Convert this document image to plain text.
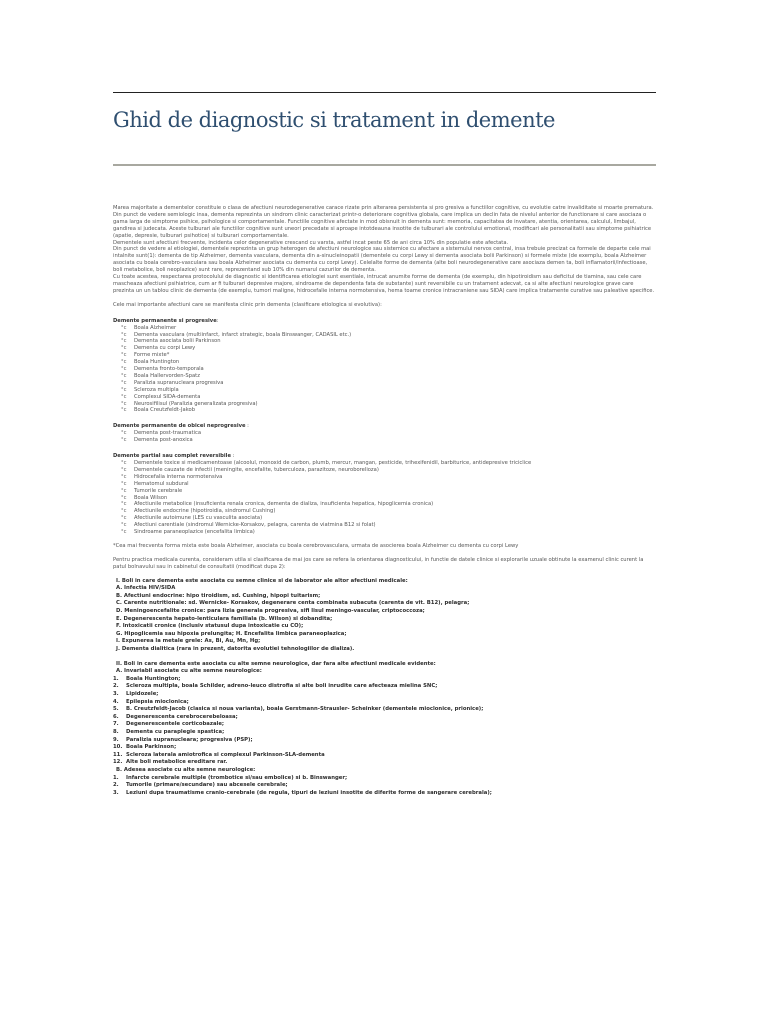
Ghid de diagnostic si tratament in demente
Marea majoritate a dementelor constituie o clasa de afectiuni neurodegenerative carace rizate prin alterarea persistenta si pro gresiva a functiilor cognitive, cu evolutie catre invaliditate si moarte prematura. Din punct de vedere semiologic insa, dementa reprezinta un sindrom clinic caracterizat printr-o deteriorare cognitiva globala, care implica un declin fata de nivelul anterior de functionare si care asociaza o gama larga de simptome psihice, psihologice si comportamentale. Functiile cognitive afectate in mod obisnuit in dementa sunt: memoria, capacitatea de invatare, atentia, orientarea, calculul, limbajul, gandirea si judecata. Aceste tulburari ale functiilor cognitive sunt uneori precedate si aproape intotdeauna insotite de tulburari ale controlului emotional, modificari ale personalitatii sau simptome psihiatrice (apatie, depresie, tulburari psihotice) si tulburari comportamentale.
Dementele sunt afectiuni frecvente, incidenta celor degenerative crescand cu varsta, astfel incat peste 65 de ani circa 10% din populatie este afectata.
Din punct de vedere al etiologiei, dementele reprezinta un grup heterogen de afectiuni neurologice sau sistemice cu afectare a sistemului nervos central, insa trebuie precizat ca formele de departe cele mai intalnite sunt(1): dementa de tip Alzheimer, dementa vasculara, dementa din a-sinucleinopatii (dementele cu corpi Lewy si dementa asociata bolii Parkinson) si formele mixte (de exemplu, boala Alzheimer asociata cu boala cerebro-vasculara sau boala Alzheimer asociata cu dementa cu corpi Lewy). Celelalte forme de dementa (alte boli neurodegenerative care asociaza demen ta, boli inflamatorii/infectioase, boli metabolice, boli neoplazice) sunt rare, reprezentand sub 10% din numarul cazurilor de dementa.
Cu toate acestea, respectarea protocolului de diagnostic si identificarea etiologiei sunt esentiale, intrucat anumite forme de dementa (de exemplu, din hipotiroidism sau deficitul de tiamina, sau cele care mascheaza afectiuni psihiatrice, cum ar fi tulburari depresive majore, sindroame de dependenta fata de substante) sunt reversibile cu un tratament adecvat, ca si alte afectiuni neurologice grave care prezinta un un tablou clinic de dementa (de exemplu, tumori maligne, hidrocefalie interna normotensiva, hema toame cronice intracraniene sau SIDA) care implica tratamente curative sau paleative specifice.
Cele mai importante afectiuni care se manifesta clinic prin dementa (clasificare etiologica si evolutiva):
Demente permanente si progresive:
°c Boala Alzheimer
°c Dementa vasculara (multiinfarct, infarct strategic, boala Binswanger, CADASIL etc.)
°c Dementa asociata bolii Parkinson
°c Dementa cu corpi Lewy
°c Forme mixte*
°c Boala Huntington
°c Dementa fronto-temporala
°c Boala Hallervorden-Spatz
°c Paralizia supranucleara progresiva
°c Scleroza multipla
°c Complexul SIDA-dementa
°c Neurosifilisul (Paralizia generalizata progresiva)
°c Boala Creutzfeldt-Jakob
Demente permanente de obicei neprogresive :
°c Dementa post-traumatica
°c Dementa post-anoxica
Demente partial sau complet reversibile :
°c Dementele toxice si medicamentoase (alcoolul, monoxid de carbon, plumb, mercur, mangan, pesticide, trihexifenidil, barbiturice, antidepresive triciclice
°c Dementele cauzate de infectii (meningite, encefalite, tuberculoza, parazitoze, neuroborelioza)
°c Hidrocefalia interna normotensiva
°c Hematomul subdural
°c Tumorile cerebrale
°c Boala Wilson
°c Afectiunile metabolice (insuficienta renala cronica, dementa de dializa, insuficienta hepatica, hipoglicemia cronica)
°c Afectiunile endocrine (hipotiroidia, sindromul Cushing)
°c Afectiunile autoimune (LES cu vasculita asociata)
°c Afectiuni carentiale (sindromul Wernicke-Korsakov, pelagra, carenta de viatmina B12 si folat)
°c Sindroame paraneoplazice (encefalita limbica)
*Cea mai frecventa forma mixta este boala Alzheimer, asociata cu boala cerebrovasculara, urmata de asocierea boala Alzheimer cu dementa cu corpi Lewy
Pentru practica medicala curenta, consideram utila si clasificarea de mai jos care se refera la orientarea diagnosticului, in functie de datele clinice si explorarile uzuale obtinute la examenul clinic curent la patul bolnavului sau in cabinetul de consultatii (modificat dupa 2):
I. Boli in care dementa este asociata cu semne clinice si de laborator ale altor afectiuni medicale:
A. Infectia HIV/SIDA
B. Afectiuni endocrine: hipo tiroidism, sd. Cushing, hipopi tuitarism;
C. Carente nutritionale: sd. Wernicke- Korsakov, degenerare centa combinata subacuta (carenta de vit. B12), pelagra;
D. Meningoencefalite cronice: para lizia generala progresiva, sifi lisul meningo-vascular, criptococcoza;
E. Degenerescenta hepato-lenticulara familiala (b. Wilson) si dobandita;
F. Intoxicatii cronice (inclusiv statusul dupa intoxicatie cu CO);
G. Hipoglicemia sau hipoxia prelungita; H. Encefalita limbica paraneoplazica;
I. Expunerea la metale grele: As, Bi, Au, Mn, Hg;
J. Dementa dialitica (rara in prezent, datorita evolutiei tehnologiilor de dializa).
II. Boli in care dementa este asociata cu alte semne neurologice, dar fara alte afectiuni medicale evidente:
A. Invariabil asociate cu alte semne neurologice:
1. Boala Huntington;
2. Scleroza multipla, boala Schilder, adreno-leuco distrofia si alte boli inrudite care afecteaza mielina SNC;
3. Lipidozele;
4. Epilepsia mioclonica;
5. B. Creutzfeldt-Jacob (clasica si noua varianta), boala Gerstmann-Strausler- Scheinker (dementele mioclonice, prionice);
6. Degenerescenta cerebrocerebeloasa;
7. Degenerescentele corticobazale;
8. Dementa cu paraplegie spastica;
9. Paralizia supranucleara; progresiva (PSP);
10. Boala Parkinson;
11. Scleroza laterala amiotrofica si complexul Parkinson-SLA-dementa
12. Alte boli metabolice ereditare rar.
B. Adesea asociate cu alte semne neurologice:
1. Infarcte cerebrale multiple (trombotice si/sau embolice) si b. Binswanger;
2. Tumorile (primare/secundare) sau abcesele cerebrale;
3. Leziuni dupa traumatisme cranio-cerebrale (de regula, tipuri de leziuni insotite de diferite forme de sangerare cerebrala);
